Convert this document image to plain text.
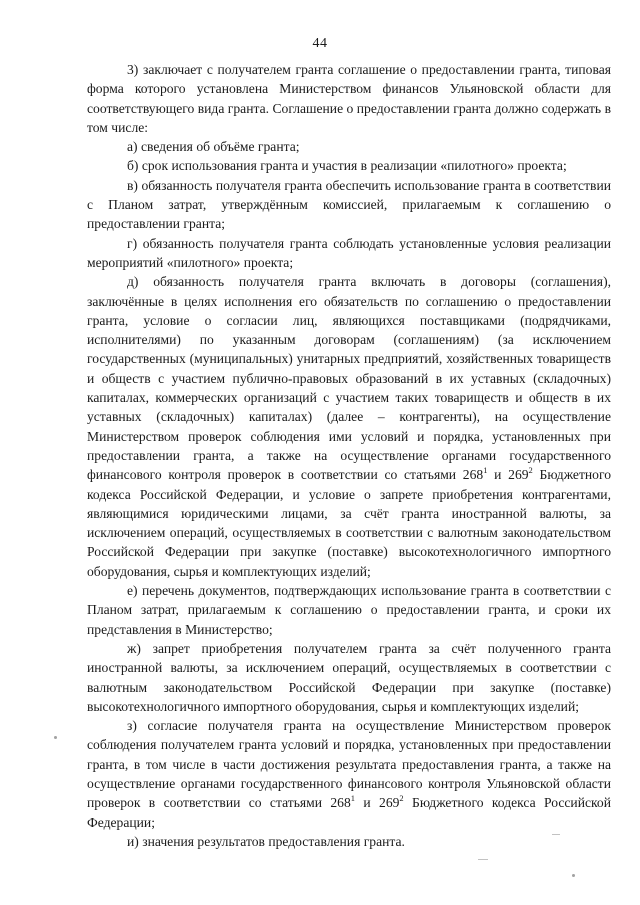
44

3) заключает с получателем гранта соглашение о предоставлении гранта, типовая форма которого установлена Министерством финансов Ульяновской области для соответствующего вида гранта. Соглашение о предоставлении гранта должно содержать в том числе:

а) сведения об объёме гранта;

б) срок использования гранта и участия в реализации «пилотного» проекта;

в) обязанность получателя гранта обеспечить использование гранта в соответствии с Планом затрат, утверждённым комиссией, прилагаемым к соглашению о предоставлении гранта;

г) обязанность получателя гранта соблюдать установленные условия реализации мероприятий «пилотного» проекта;

д) обязанность получателя гранта включать в договоры (соглашения), заключённые в целях исполнения его обязательств по соглашению о предоставлении гранта, условие о согласии лиц, являющихся поставщиками (подрядчиками, исполнителями) по указанным договорам (соглашениям) (за исключением государственных (муниципальных) унитарных предприятий, хозяйственных товариществ и обществ с участием публично-правовых образований в их уставных (складочных) капиталах, коммерческих организаций с участием таких товариществ и обществ в их уставных (складочных) капиталах) (далее – контрагенты), на осуществление Министерством проверок соблюдения ими условий и порядка, установленных при предоставлении гранта, а также на осуществление органами государственного финансового контроля проверок в соответствии со статьями $268^1$ и $269^2$ Бюджетного кодекса Российской Федерации, и условие о запрете приобретения контрагентами, являющимися юридическими лицами, за счёт гранта иностранной валюты, за исключением операций, осуществляемых в соответствии с валютным законодательством Российской Федерации при закупке (поставке) высокотехнологичного импортного оборудования, сырья и комплектующих изделий;

е) перечень документов, подтверждающих использование гранта в соответствии с Планом затрат, прилагаемым к соглашению о предоставлении гранта, и сроки их представления в Министерство;

ж) запрет приобретения получателем гранта за счёт полученного гранта иностранной валюты, за исключением операций, осуществляемых в соответствии с валютным законодательством Российской Федерации при закупке (поставке) высокотехнологичного импортного оборудования, сырья и комплектующих изделий;

з) согласие получателя гранта на осуществление Министерством проверок соблюдения получателем гранта условий и порядка, установленных при предоставлении гранта, в том числе в части достижения результата предоставления гранта, а также на осуществление органами государственного финансового контроля Ульяновской области проверок в соответствии со статьями $268^1$ и $269^2$ Бюджетного кодекса Российской Федерации;

и) значения результатов предоставления гранта.
